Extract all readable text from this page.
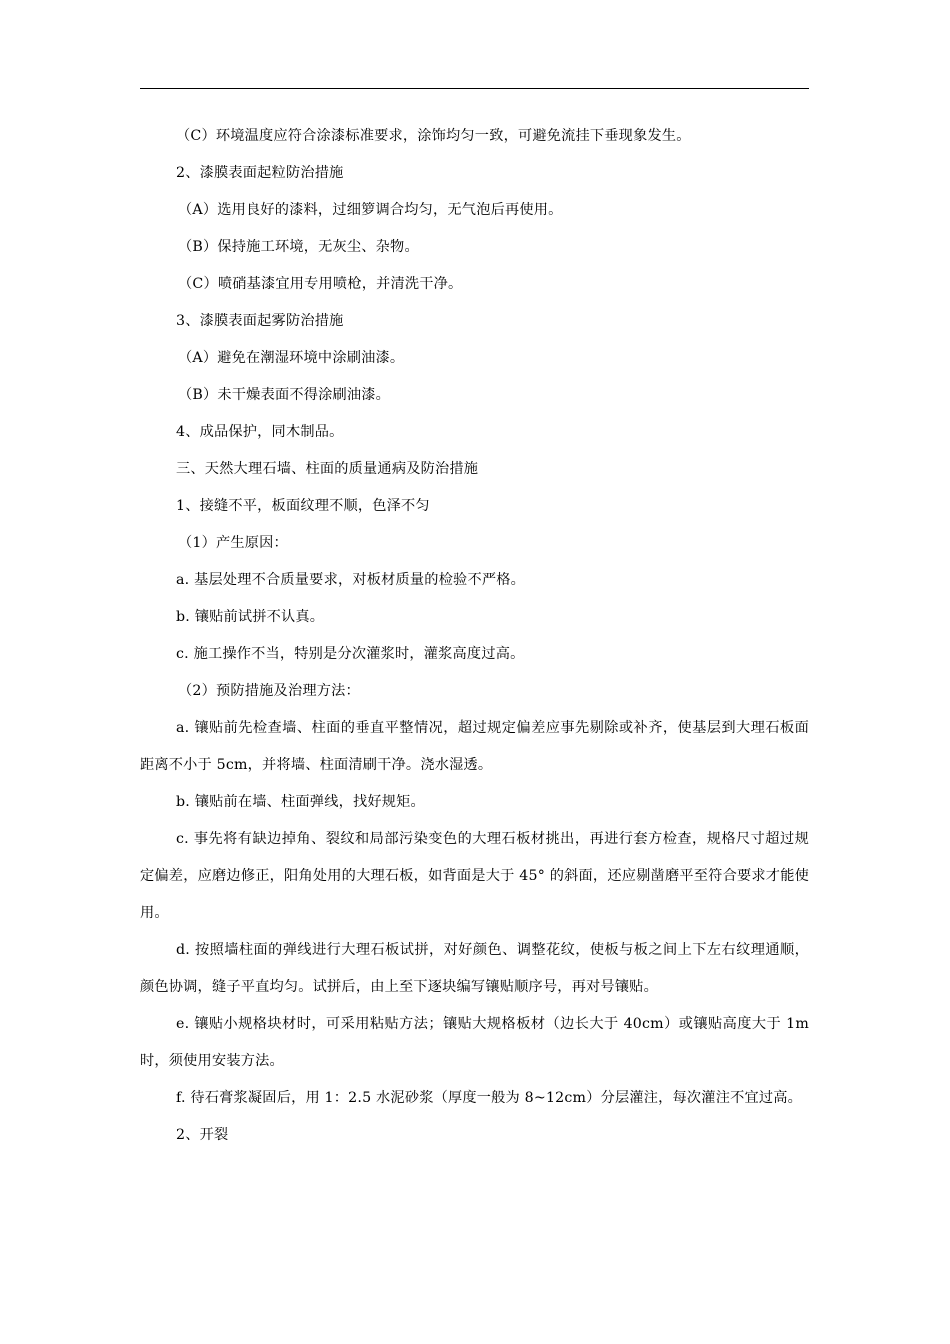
（C）环境温度应符合涂漆标准要求，涂饰均匀一致，可避免流挂下垂现象发生。

2、漆膜表面起粒防治措施

（A）选用良好的漆料，过细箩调合均匀，无气泡后再使用。

（B）保持施工环境，无灰尘、杂物。

（C）喷硝基漆宜用专用喷枪，并清洗干净。

3、漆膜表面起雾防治措施

（A）避免在潮湿环境中涂刷油漆。

（B）未干燥表面不得涂刷油漆。

4、成品保护，同木制品。

三、天然大理石墙、柱面的质量通病及防治措施

1、接缝不平，板面纹理不顺，色泽不匀

（1）产生原因：

a. 基层处理不合质量要求，对板材质量的检验不严格。

b. 镶贴前试拼不认真。

c. 施工操作不当，特别是分次灌浆时，灌浆高度过高。

（2）预防措施及治理方法：

a. 镶贴前先检查墙、柱面的垂直平整情况，超过规定偏差应事先剔除或补齐，使基层到大理石板面距离不小于 5cm，并将墙、柱面清刷干净。浇水湿透。

b. 镶贴前在墙、柱面弹线，找好规矩。

c. 事先将有缺边掉角、裂纹和局部污染变色的大理石板材挑出，再进行套方检查，规格尺寸超过规定偏差，应磨边修正，阳角处用的大理石板，如背面是大于 45° 的斜面，还应剔凿磨平至符合要求才能使用。

d. 按照墙柱面的弹线进行大理石板试拼，对好颜色、调整花纹，使板与板之间上下左右纹理通顺，颜色协调，缝子平直均匀。试拼后，由上至下逐块编写镶贴顺序号，再对号镶贴。

e. 镶贴小规格块材时，可采用粘贴方法；镶贴大规格板材（边长大于 40cm）或镶贴高度大于 1m 时，须使用安装方法。

f. 待石膏浆凝固后，用 1：2.5 水泥砂浆（厚度一般为 8~12cm）分层灌注，每次灌注不宜过高。

2、开裂
